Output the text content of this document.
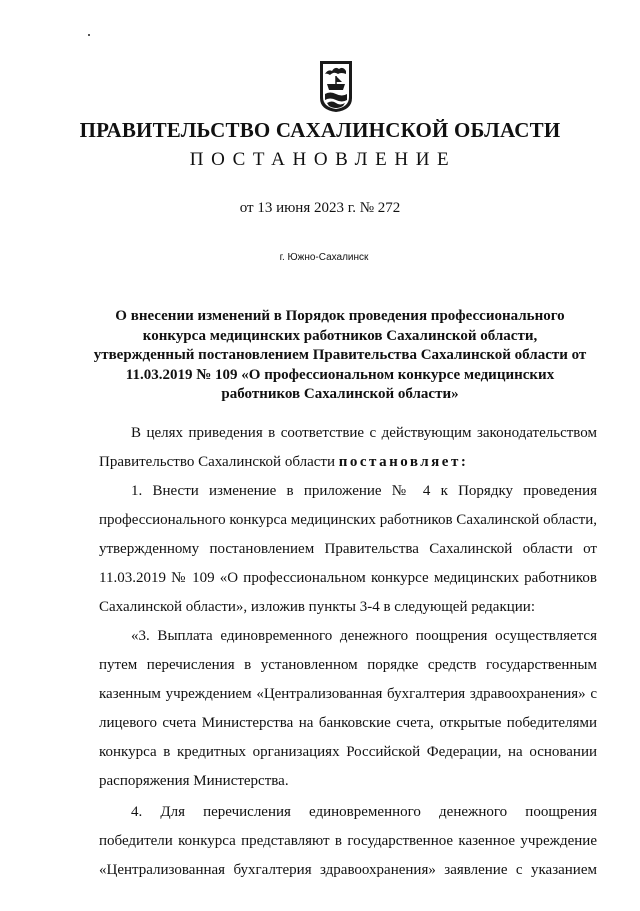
ПРАВИТЕЛЬСТВО САХАЛИНСКОЙ ОБЛАСТИ
ПОСТАНОВЛЕНИЕ
от 13 июня 2023 г. № 272
г. Южно-Сахалинск
О внесении изменений в Порядок проведения профессионального
конкурса медицинских работников Сахалинской области,
утвержденный постановлением Правительства Сахалинской области от
11.03.2019 № 109 «О профессиональном конкурсе медицинских
работников Сахалинской области»
В целях приведения в соответствие с действующим законодательством
Правительство Сахалинской области постановляет:
1. Внести изменение в приложение № 4 к Порядку проведения
профессионального конкурса медицинских работников Сахалинской области,
утвержденному постановлением Правительства Сахалинской области от
11.03.2019 № 109 «О профессиональном конкурсе медицинских работников
Сахалинской области», изложив пункты 3-4 в следующей редакции:
«3. Выплата единовременного денежного поощрения осуществляется
путем перечисления в установленном порядке средств государственным
казенным учреждением «Централизованная бухгалтерия здравоохранения» с
лицевого счета Министерства на банковские счета, открытые победителями
конкурса в кредитных организациях Российской Федерации, на основании
распоряжения Министерства.
4. Для перечисления единовременного денежного поощрения
победители конкурса представляют в государственное казенное учреждение
«Централизованная бухгалтерия здравоохранения» заявление с указанием
